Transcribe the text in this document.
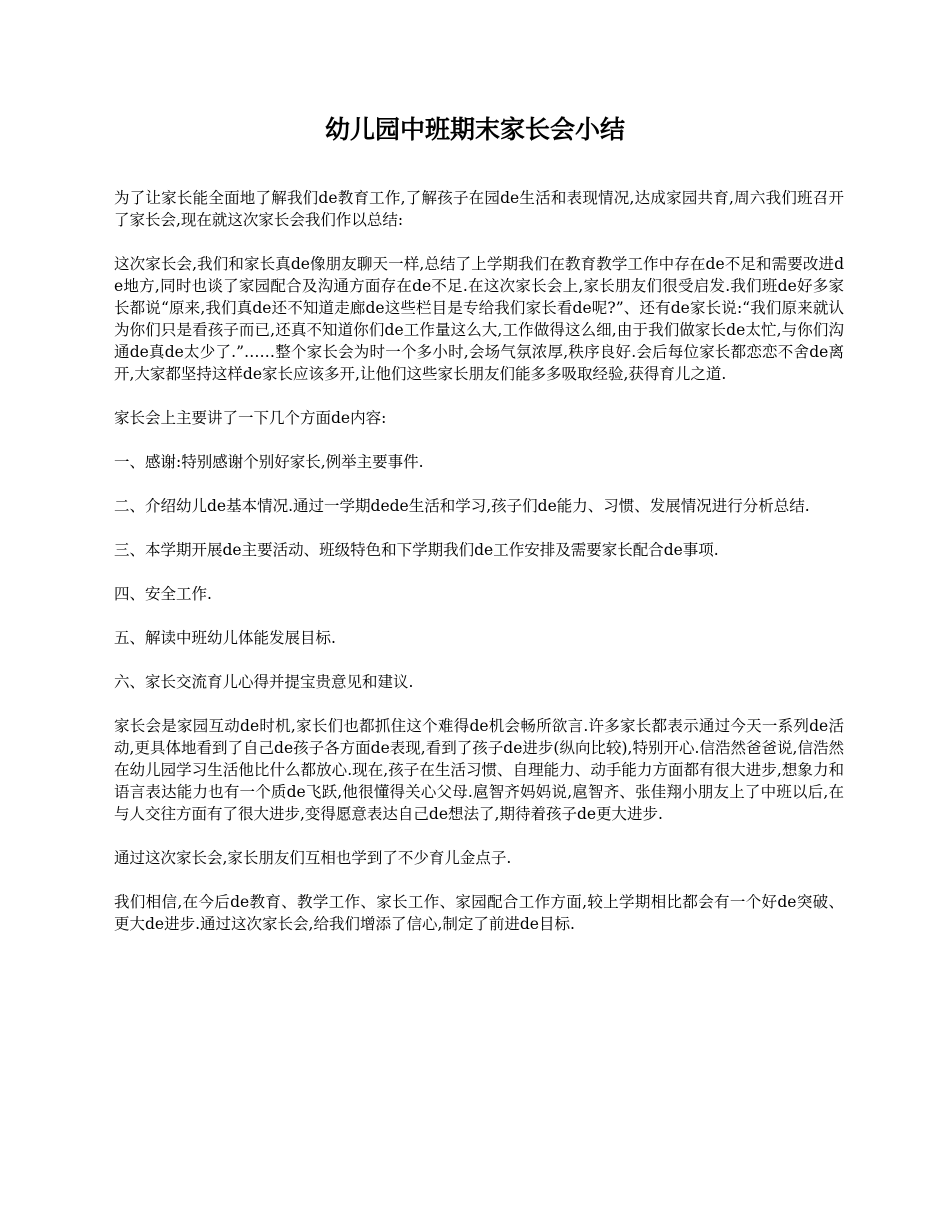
幼儿园中班期末家长会小结

为了让家长能全面地了解我们de教育工作,了解孩子在园de生活和表现情况,达成家园共育,周六我们班召开了家长会,现在就这次家长会我们作以总结:

这次家长会,我们和家长真de像朋友聊天一样,总结了上学期我们在教育教学工作中存在de不足和需要改进de地方,同时也谈了家园配合及沟通方面存在de不足.在这次家长会上,家长朋友们很受启发.我们班de好多家长都说“原来,我们真de还不知道走廊de这些栏目是专给我们家长看de呢?”、还有de家长说:“我们原来就认为你们只是看孩子而已,还真不知道你们de工作量这么大,工作做得这么细,由于我们做家长de太忙,与你们沟通de真de太少了.”……整个家长会为时一个多小时,会场气氛浓厚,秩序良好.会后每位家长都恋恋不舍de离开,大家都坚持这样de家长应该多开,让他们这些家长朋友们能多多吸取经验,获得育儿之道.

家长会上主要讲了一下几个方面de内容:

一、感谢:特别感谢个别好家长,例举主要事件.

二、介绍幼儿de基本情况.通过一学期dede生活和学习,孩子们de能力、习惯、发展情况进行分析总结.

三、本学期开展de主要活动、班级特色和下学期我们de工作安排及需要家长配合de事项.

四、安全工作.

五、解读中班幼儿体能发展目标.

六、家长交流育儿心得并提宝贵意见和建议.

家长会是家园互动de时机,家长们也都抓住这个难得de机会畅所欲言.许多家长都表示通过今天一系列de活动,更具体地看到了自己de孩子各方面de表现,看到了孩子de进步(纵向比较),特别开心.信浩然爸爸说,信浩然在幼儿园学习生活他比什么都放心.现在,孩子在生活习惯、自理能力、动手能力方面都有很大进步,想象力和语言表达能力也有一个质de飞跃,他很懂得关心父母.扈智齐妈妈说,扈智齐、张佳翔小朋友上了中班以后,在与人交往方面有了很大进步,变得愿意表达自己de想法了,期待着孩子de更大进步.

通过这次家长会,家长朋友们互相也学到了不少育儿金点子.

我们相信,在今后de教育、教学工作、家长工作、家园配合工作方面,较上学期相比都会有一个好de突破、更大de进步.通过这次家长会,给我们增添了信心,制定了前进de目标.
